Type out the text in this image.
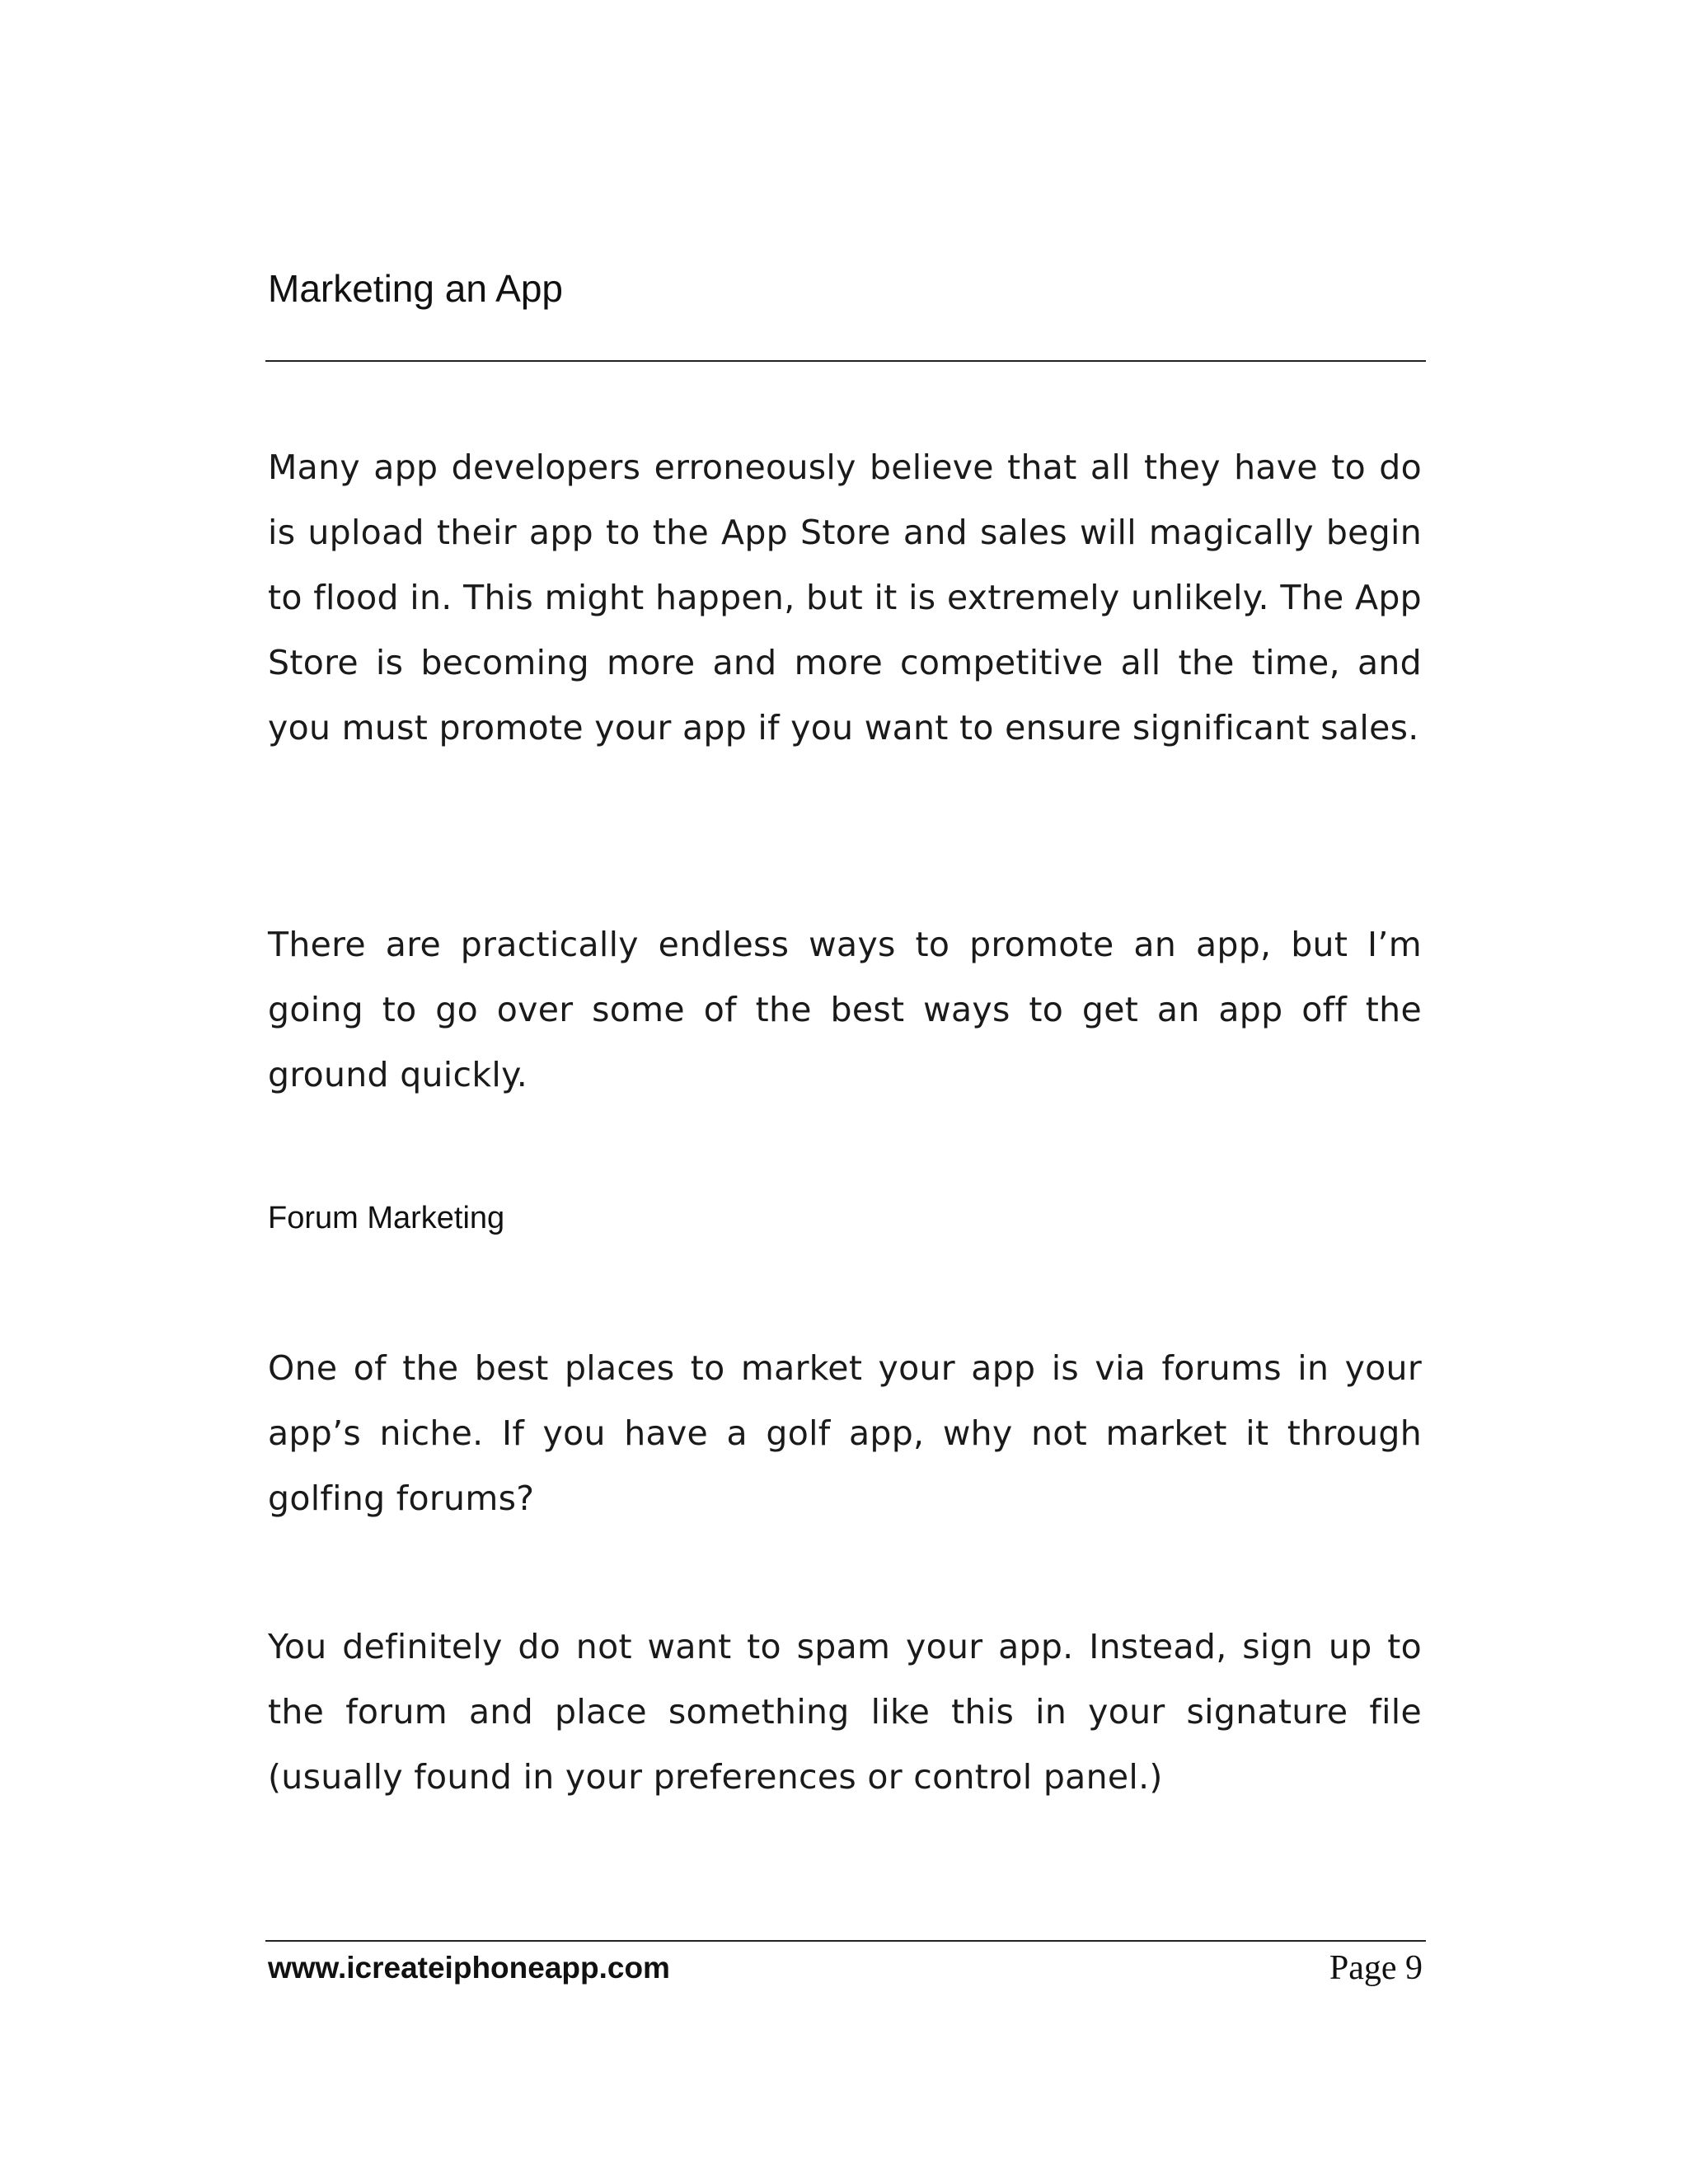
Marketing an App

Many app developers erroneously believe that all they have to do is upload their app to the App Store and sales will magically begin to flood in. This might happen, but it is extremely unlikely. The App Store is becoming more and more competitive all the time, and you must promote your app if you want to ensure significant sales.

There are practically endless ways to promote an app, but I’m going to go over some of the best ways to get an app off the ground quickly.

Forum Marketing

One of the best places to market your app is via forums in your app’s niche. If you have a golf app, why not market it through golfing forums?

You definitely do not want to spam your app. Instead, sign up to the forum and place something like this in your signature file (usually found in your preferences or control panel.)

www.icreateiphoneapp.com	Page 9
